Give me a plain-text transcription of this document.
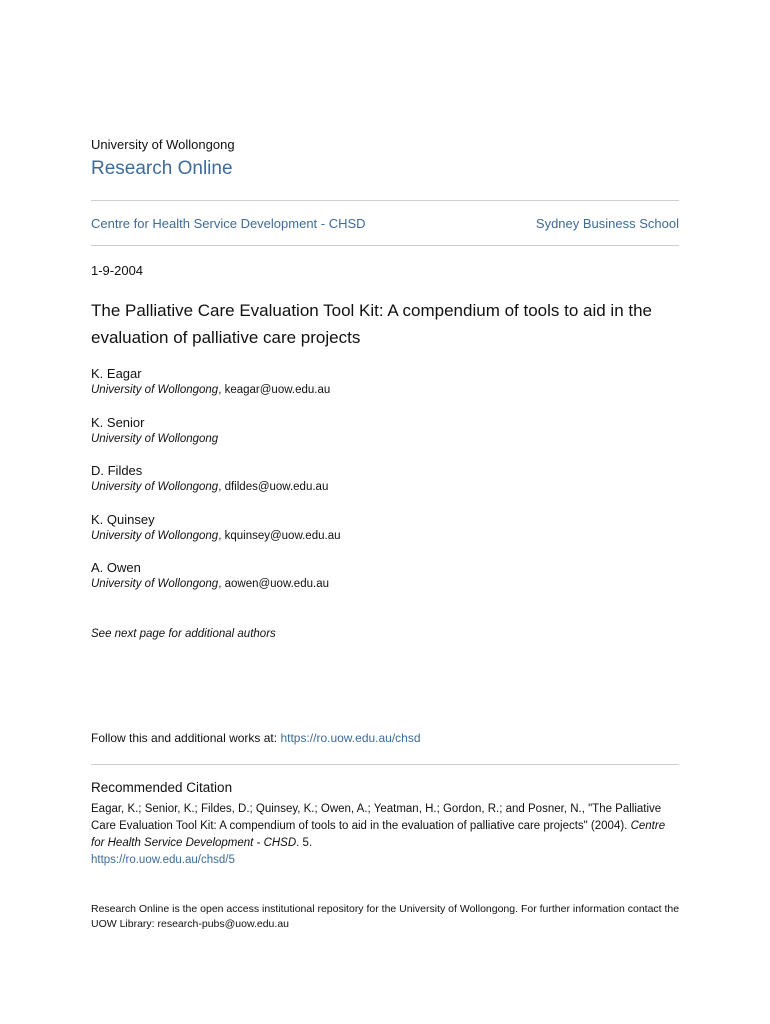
University of Wollongong
Research Online
Centre for Health Service Development - CHSD	Sydney Business School
1-9-2004
The Palliative Care Evaluation Tool Kit: A compendium of tools to aid in the evaluation of palliative care projects
K. Eagar
University of Wollongong, keagar@uow.edu.au
K. Senior
University of Wollongong
D. Fildes
University of Wollongong, dfildes@uow.edu.au
K. Quinsey
University of Wollongong, kquinsey@uow.edu.au
A. Owen
University of Wollongong, aowen@uow.edu.au
See next page for additional authors
Follow this and additional works at: https://ro.uow.edu.au/chsd
Recommended Citation
Eagar, K.; Senior, K.; Fildes, D.; Quinsey, K.; Owen, A.; Yeatman, H.; Gordon, R.; and Posner, N., "The Palliative Care Evaluation Tool Kit: A compendium of tools to aid in the evaluation of palliative care projects" (2004). Centre for Health Service Development - CHSD. 5.
https://ro.uow.edu.au/chsd/5
Research Online is the open access institutional repository for the University of Wollongong. For further information contact the UOW Library: research-pubs@uow.edu.au
